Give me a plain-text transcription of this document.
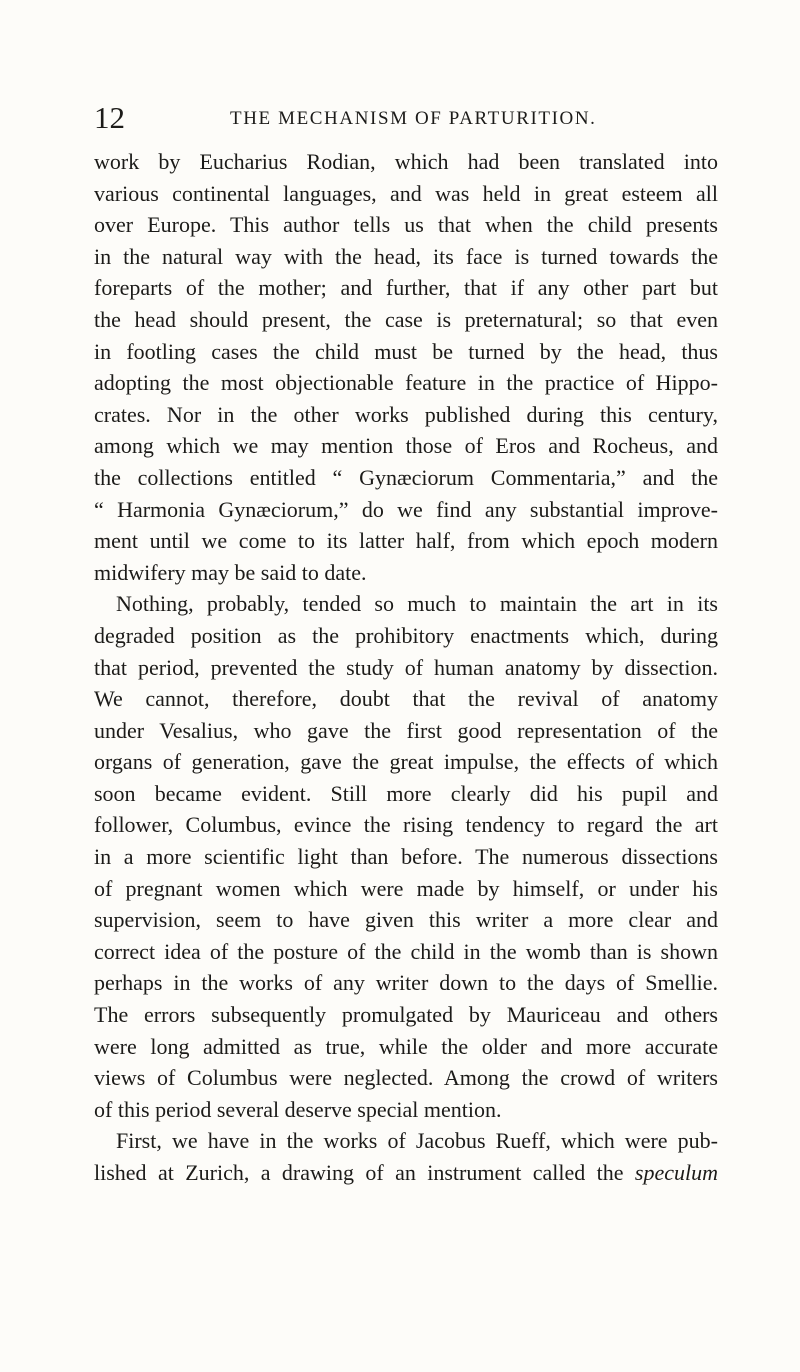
12	THE MECHANISM OF PARTURITION.
work by Eucharius Rodian, which had been translated into
various continental languages, and was held in great esteem all
over Europe. This author tells us that when the child presents
in the natural way with the head, its face is turned towards the
foreparts of the mother; and further, that if any other part but
the head should present, the case is preternatural; so that even
in footling cases the child must be turned by the head, thus
adopting the most objectionable feature in the practice of Hippo-
crates. Nor in the other works published during this century,
among which we may mention those of Eros and Rocheus, and
the collections entitled “ Gynæciorum Commentaria,” and the
“ Harmonia Gynæciorum,” do we find any substantial improve-
ment until we come to its latter half, from which epoch modern
midwifery may be said to date.
Nothing, probably, tended so much to maintain the art in its
degraded position as the prohibitory enactments which, during
that period, prevented the study of human anatomy by dissection.
We cannot, therefore, doubt that the revival of anatomy
under Vesalius, who gave the first good representation of the
organs of generation, gave the great impulse, the effects of which
soon became evident. Still more clearly did his pupil and
follower, Columbus, evince the rising tendency to regard the art
in a more scientific light than before. The numerous dissections
of pregnant women which were made by himself, or under his
supervision, seem to have given this writer a more clear and
correct idea of the posture of the child in the womb than is shown
perhaps in the works of any writer down to the days of Smellie.
The errors subsequently promulgated by Mauriceau and others
were long admitted as true, while the older and more accurate
views of Columbus were neglected. Among the crowd of writers
of this period several deserve special mention.
First, we have in the works of Jacobus Rueff, which were pub-
lished at Zurich, a drawing of an instrument called the speculum
